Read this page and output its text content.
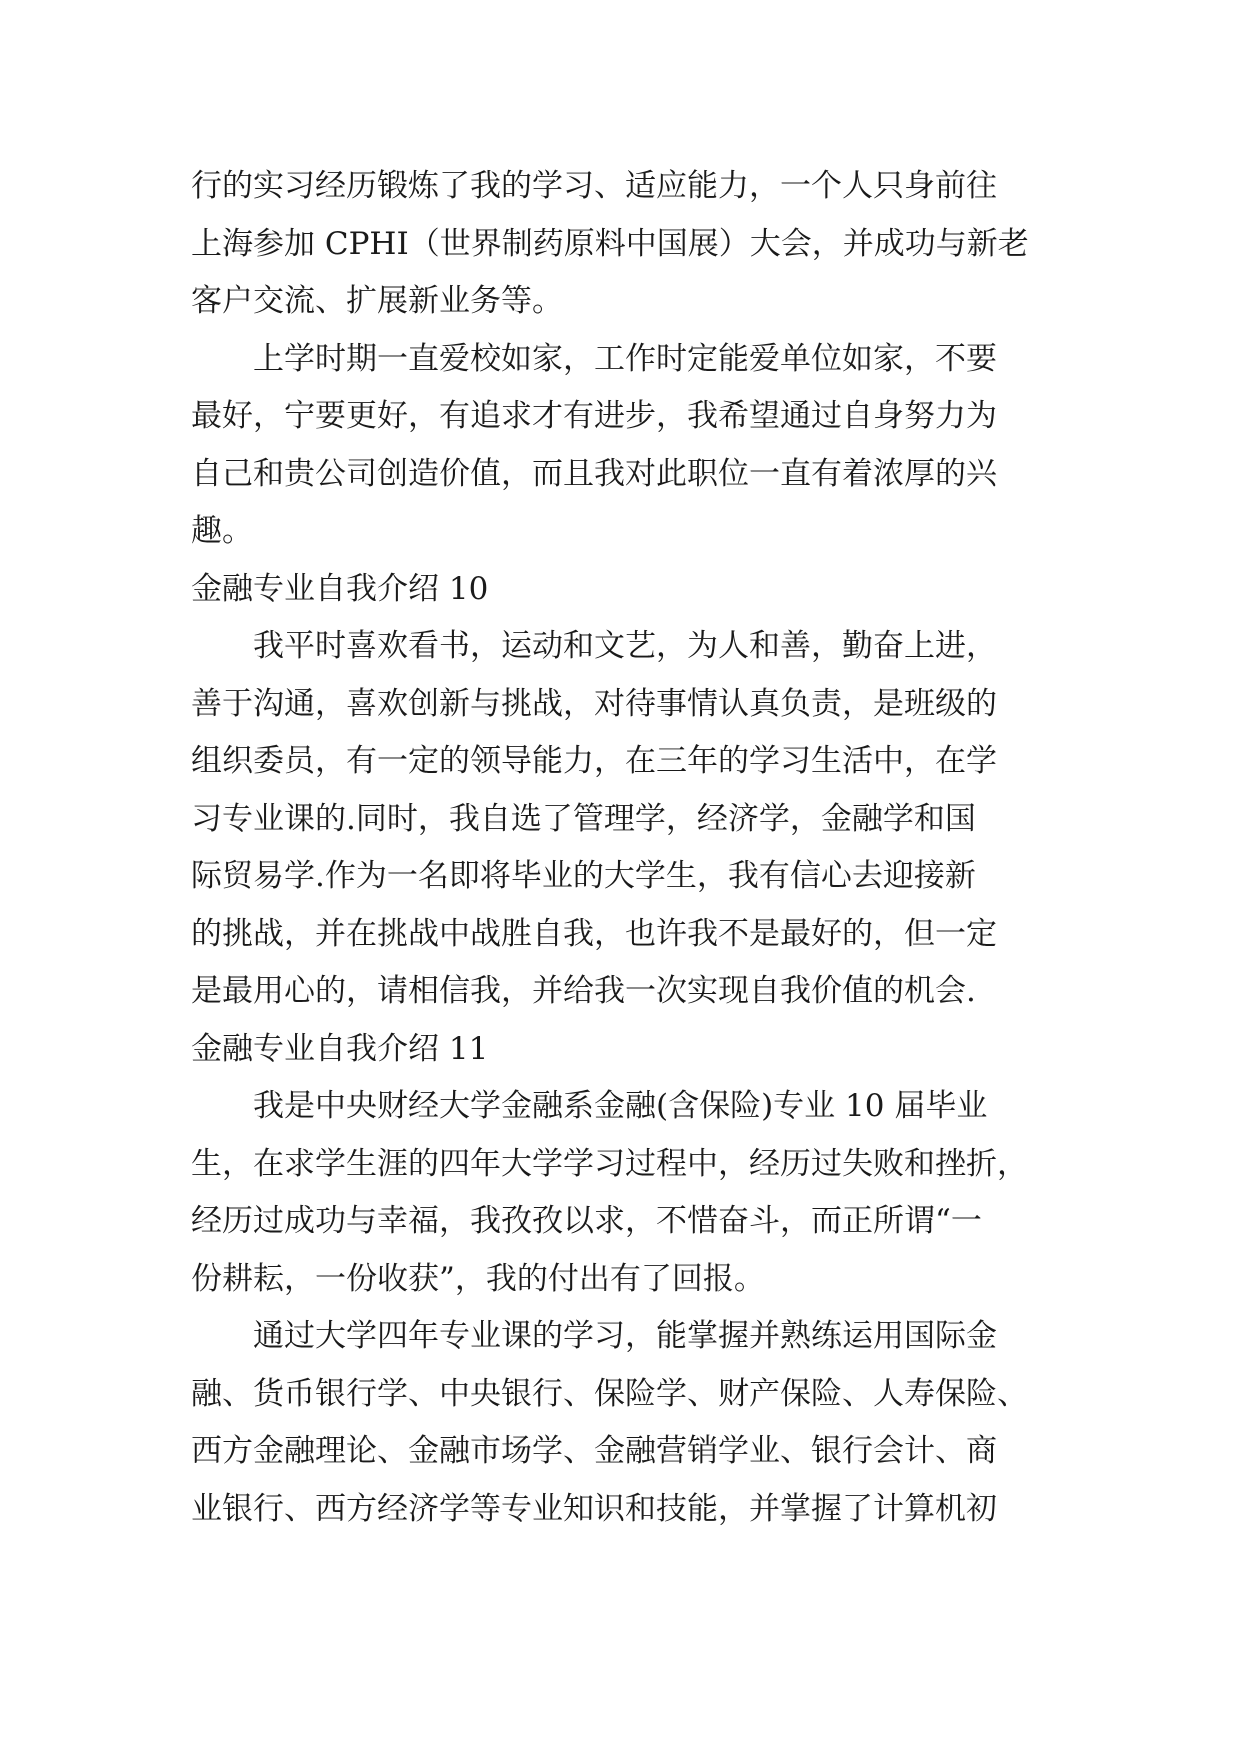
行的实习经历锻炼了我的学习、适应能力，一个人只身前往
上海参加 CPHI（世界制药原料中国展）大会，并成功与新老
客户交流、扩展新业务等。
上学时期一直爱校如家，工作时定能爱单位如家，不要
最好，宁要更好，有追求才有进步，我希望通过自身努力为
自己和贵公司创造价值，而且我对此职位一直有着浓厚的兴
趣。
金融专业自我介绍 10
我平时喜欢看书，运动和文艺，为人和善，勤奋上进，
善于沟通，喜欢创新与挑战，对待事情认真负责，是班级的
组织委员，有一定的领导能力，在三年的学习生活中，在学
习专业课的.同时，我自选了管理学，经济学，金融学和国
际贸易学.作为一名即将毕业的大学生，我有信心去迎接新
的挑战，并在挑战中战胜自我，也许我不是最好的，但一定
是最用心的，请相信我，并给我一次实现自我价值的机会.
金融专业自我介绍 11
我是中央财经大学金融系金融(含保险)专业 10 届毕业
生，在求学生涯的四年大学学习过程中，经历过失败和挫折，
经历过成功与幸福，我孜孜以求，不惜奋斗，而正所谓“一
份耕耘，一份收获”，我的付出有了回报。
通过大学四年专业课的学习，能掌握并熟练运用国际金
融、货币银行学、中央银行、保险学、财产保险、人寿保险、
西方金融理论、金融市场学、金融营销学业、银行会计、商
业银行、西方经济学等专业知识和技能，并掌握了计算机初
